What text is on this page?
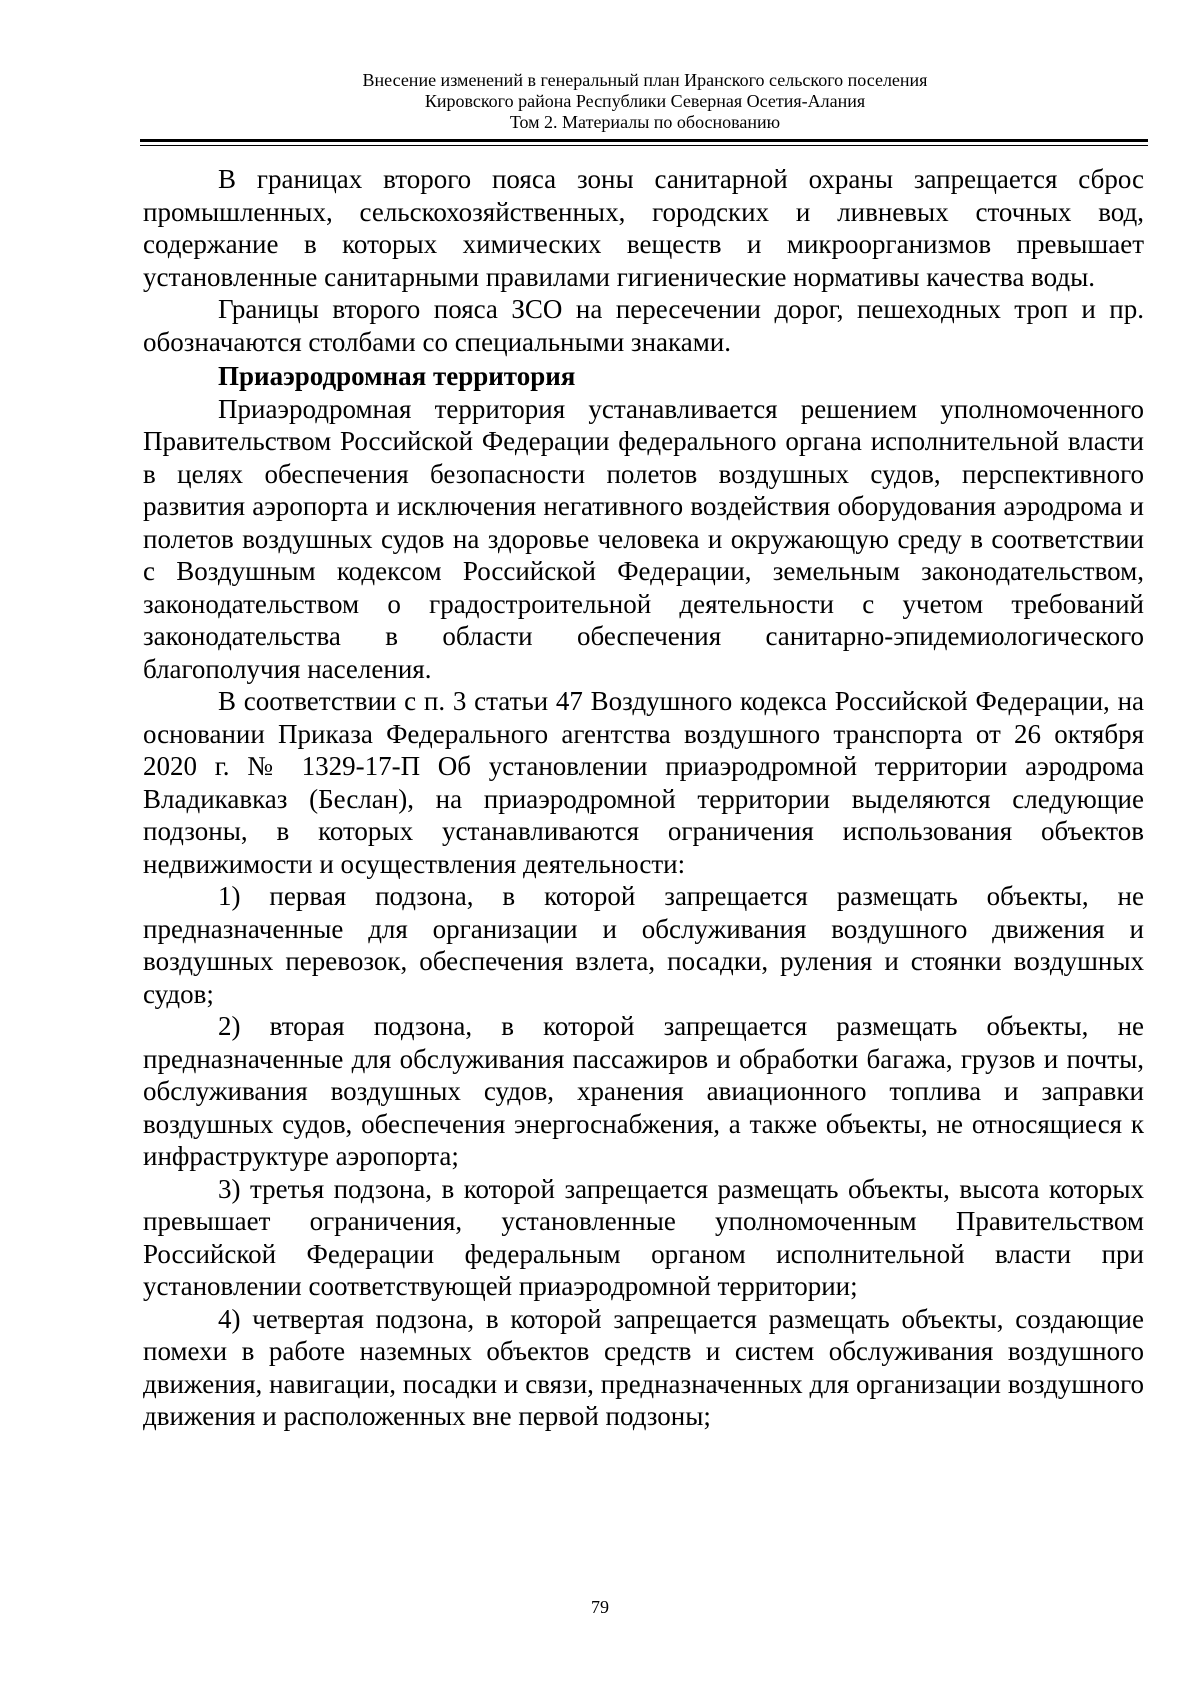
Внесение изменений в генеральный план Иранского сельского поселения
Кировского района Республики Северная Осетия-Алания
Том 2. Материалы по обоснованию

В границах второго пояса зоны санитарной охраны запрещается сброс промышленных, сельскохозяйственных, городских и ливневых сточных вод, содержание в которых химических веществ и микроорганизмов превышает установленные санитарными правилами гигиенические нормативы качества воды.

Границы второго пояса ЗСО на пересечении дорог, пешеходных троп и пр. обозначаются столбами со специальными знаками.

Приаэродромная территория

Приаэродромная территория устанавливается решением уполномоченного Правительством Российской Федерации федерального органа исполнительной власти в целях обеспечения безопасности полетов воздушных судов, перспективного развития аэропорта и исключения негативного воздействия оборудования аэродрома и полетов воздушных судов на здоровье человека и окружающую среду в соответствии с Воздушным кодексом Российской Федерации, земельным законодательством, законодательством о градостроительной деятельности с учетом требований законодательства в области обеспечения санитарно-эпидемиологического благополучия населения.

В соответствии с п. 3 статьи 47 Воздушного кодекса Российской Федерации, на основании Приказа Федерального агентства воздушного транспорта от 26 октября 2020 г. № 1329-17-П Об установлении приаэродромной территории аэродрома Владикавказ (Беслан), на приаэродромной территории выделяются следующие подзоны, в которых устанавливаются ограничения использования объектов недвижимости и осуществления деятельности:

1) первая подзона, в которой запрещается размещать объекты, не предназначенные для организации и обслуживания воздушного движения и воздушных перевозок, обеспечения взлета, посадки, руления и стоянки воздушных судов;

2) вторая подзона, в которой запрещается размещать объекты, не предназначенные для обслуживания пассажиров и обработки багажа, грузов и почты, обслуживания воздушных судов, хранения авиационного топлива и заправки воздушных судов, обеспечения энергоснабжения, а также объекты, не относящиеся к инфраструктуре аэропорта;

3) третья подзона, в которой запрещается размещать объекты, высота которых превышает ограничения, установленные уполномоченным Правительством Российской Федерации федеральным органом исполнительной власти при установлении соответствующей приаэродромной территории;

4) четвертая подзона, в которой запрещается размещать объекты, создающие помехи в работе наземных объектов средств и систем обслуживания воздушного движения, навигации, посадки и связи, предназначенных для организации воздушного движения и расположенных вне первой подзоны;

79
